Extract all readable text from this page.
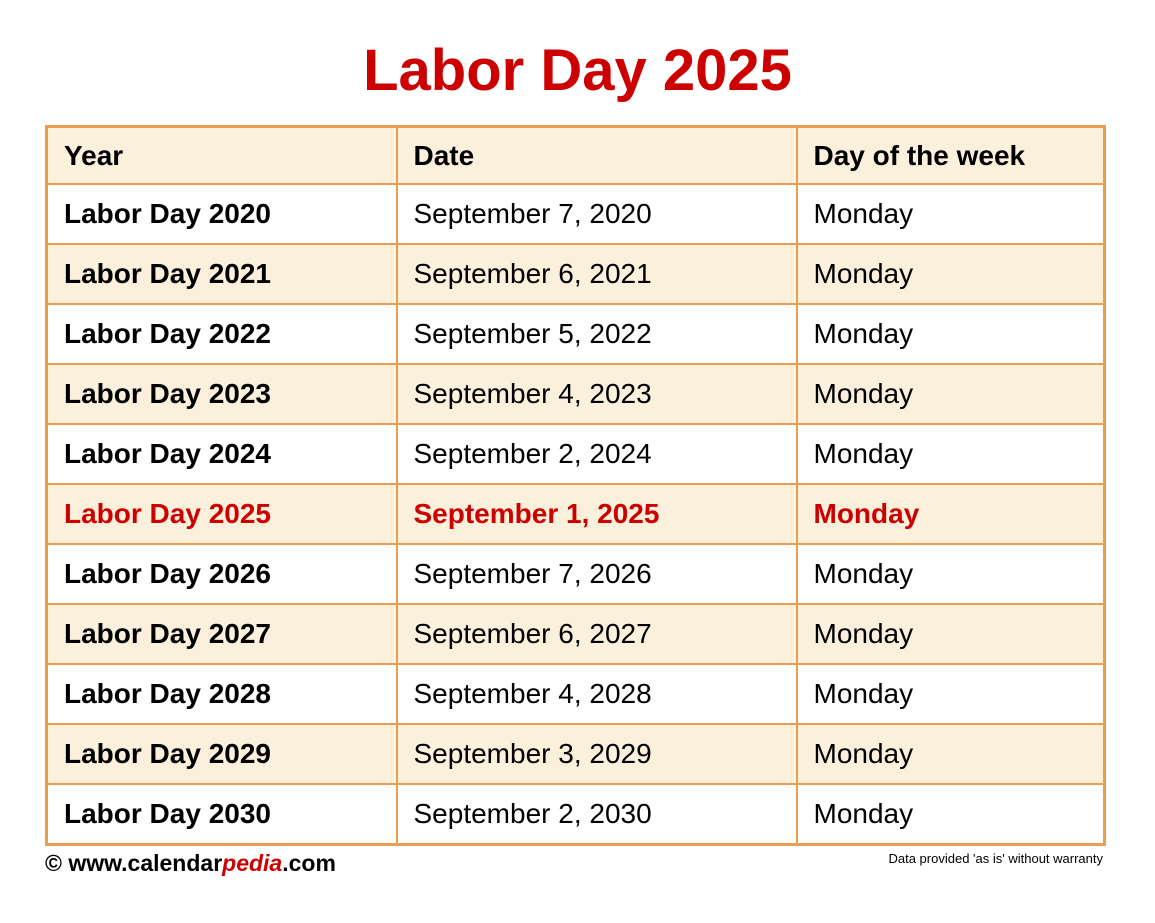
Labor Day 2025
Year	Date	Day of the week
Labor Day 2020	September 7, 2020	Monday
Labor Day 2021	September 6, 2021	Monday
Labor Day 2022	September 5, 2022	Monday
Labor Day 2023	September 4, 2023	Monday
Labor Day 2024	September 2, 2024	Monday
Labor Day 2025	September 1, 2025	Monday
Labor Day 2026	September 7, 2026	Monday
Labor Day 2027	September 6, 2027	Monday
Labor Day 2028	September 4, 2028	Monday
Labor Day 2029	September 3, 2029	Monday
Labor Day 2030	September 2, 2030	Monday
© www.calendarpedia.com	Data provided 'as is' without warranty
